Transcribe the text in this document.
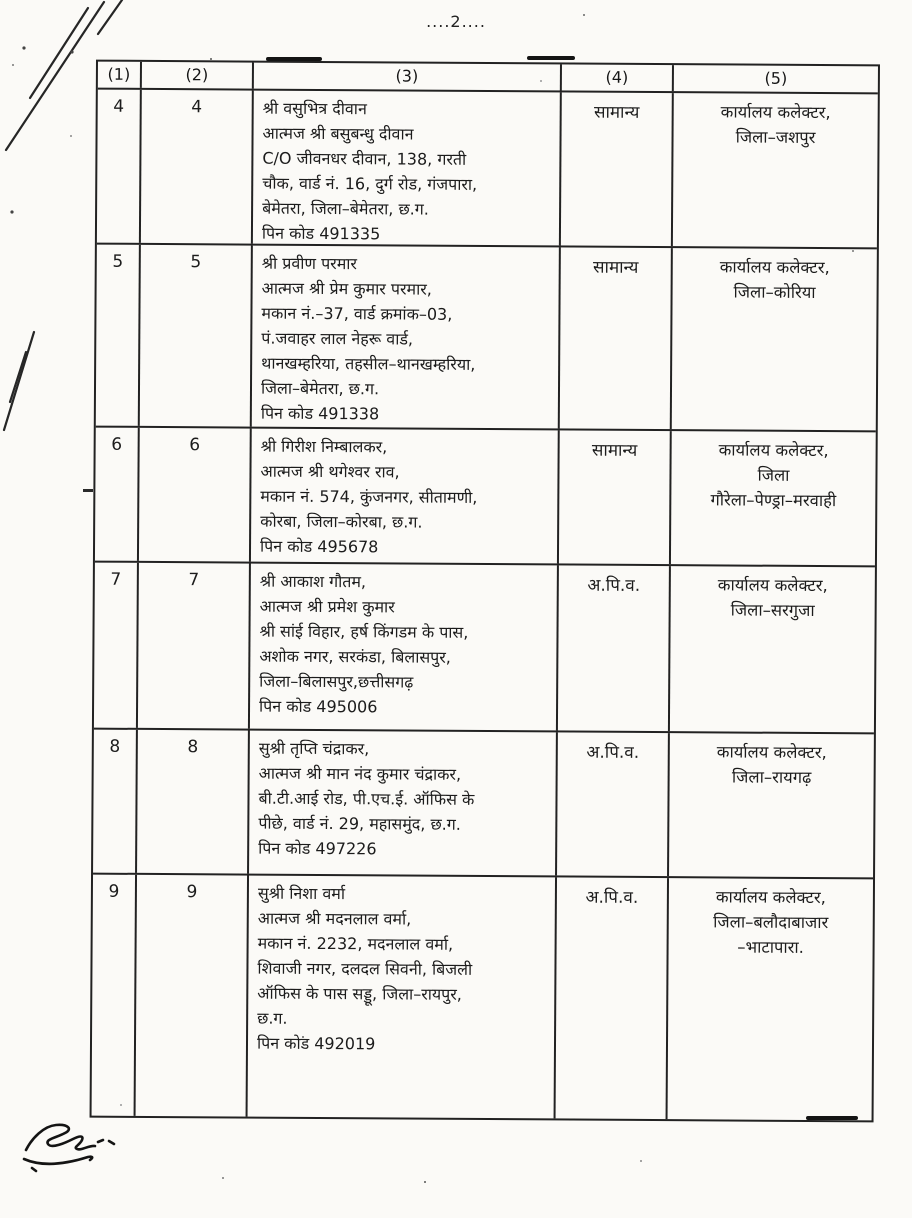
....2....
(1)	(2)	(3)	(4)	(5)
4	4	श्री वसुभित्र दीवान
आत्मज श्री बसुबन्धु दीवान
C/O जीवनधर दीवान, 138, गरती
चौक, वार्ड नं. 16, दुर्ग रोड, गंजपारा,
बेमेतरा, जिला–बेमेतरा, छ.ग.
पिन कोड 491335
सामान्य	कार्यालय कलेक्टर,
जिला–जशपुर
5	5	श्री प्रवीण परमार
आत्मज श्री प्रेम कुमार परमार,
मकान नं.–37, वार्ड क्रमांक–03,
पं.जवाहर लाल नेहरू वार्ड,
थानखम्हरिया, तहसील–थानखम्हरिया,
जिला–बेमेतरा, छ.ग.
पिन कोड 491338
सामान्य	कार्यालय कलेक्टर,
जिला–कोरिया
6	6	श्री गिरीश निम्बालकर,
आत्मज श्री थगेश्वर राव,
मकान नं. 574, कुंजनगर, सीतामणी,
कोरबा, जिला–कोरबा, छ.ग.
पिन कोड 495678
सामान्य	कार्यालय कलेक्टर,
जिला
गौरेला–पेण्ड्रा–मरवाही
7	7	श्री आकाश गौतम,
आत्मज श्री प्रमेश कुमार
श्री सांई विहार, हर्ष किंगडम के पास,
अशोक नगर, सरकंडा, बिलासपुर,
जिला–बिलासपुर,छत्तीसगढ़
पिन कोड 495006
अ.पि.व.	कार्यालय कलेक्टर,
जिला–सरगुजा
8	8	सुश्री तृप्ति चंद्राकर,
आत्मज श्री मान नंद कुमार चंद्राकर,
बी.टी.आई रोड, पी.एच.ई. ऑफिस के
पीछे, वार्ड नं. 29, महासमुंद, छ.ग.
पिन कोड 497226
अ.पि.व.	कार्यालय कलेक्टर,
जिला–रायगढ़
9	9	सुश्री निशा वर्मा
आत्मज श्री मदनलाल वर्मा,
मकान नं. 2232, मदनलाल वर्मा,
शिवाजी नगर, दलदल सिवनी, बिजली
ऑफिस के पास सड्डू, जिला–रायपुर,
छ.ग.
पिन कोड 492019
अ.पि.व.	कार्यालय कलेक्टर,
जिला–बलौदाबाजार
–भाटापारा.
